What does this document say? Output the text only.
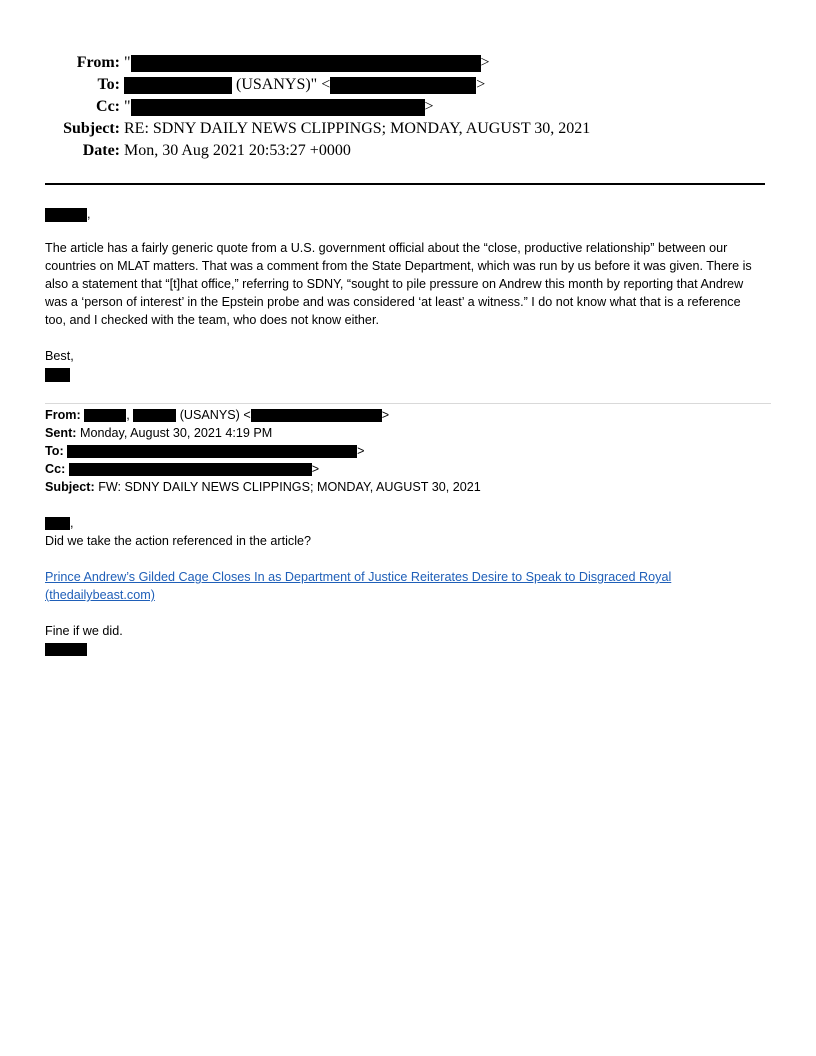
From: "	>
To:	(USANYS)" <	>
Cc: "	>
Subject: RE: SDNY DAILY NEWS CLIPPINGS; MONDAY, AUGUST 30, 2021
Date: Mon, 30 Aug 2021 20:53:27 +0000
,
The article has a fairly generic quote from a U.S. government official about the “close, productive relationship” between our countries on MLAT matters. That was a comment from the State Department, which was run by us before it was given. There is also a statement that “[t]hat office,” referring to SDNY, “sought to pile pressure on Andrew this month by reporting that Andrew was a ‘person of interest’ in the Epstein probe and was considered ‘at least’ a witness.” I do not know what that is a reference too, and I checked with the team, who does not know either.

Best,

From:	,	(USANYS) <	>

Sent: Monday, August 30, 2021 4:19 PM

To:	>

Cc:	>

Subject: FW: SDNY DAILY NEWS CLIPPINGS; MONDAY, AUGUST 30, 2021

,

Did we take the action referenced in the article?

Prince Andrew’s Gilded Cage Closes In as Department of Justice Reiterates Desire to Speak to Disgraced Royal (thedailybeast.com)

Fine if we did.
